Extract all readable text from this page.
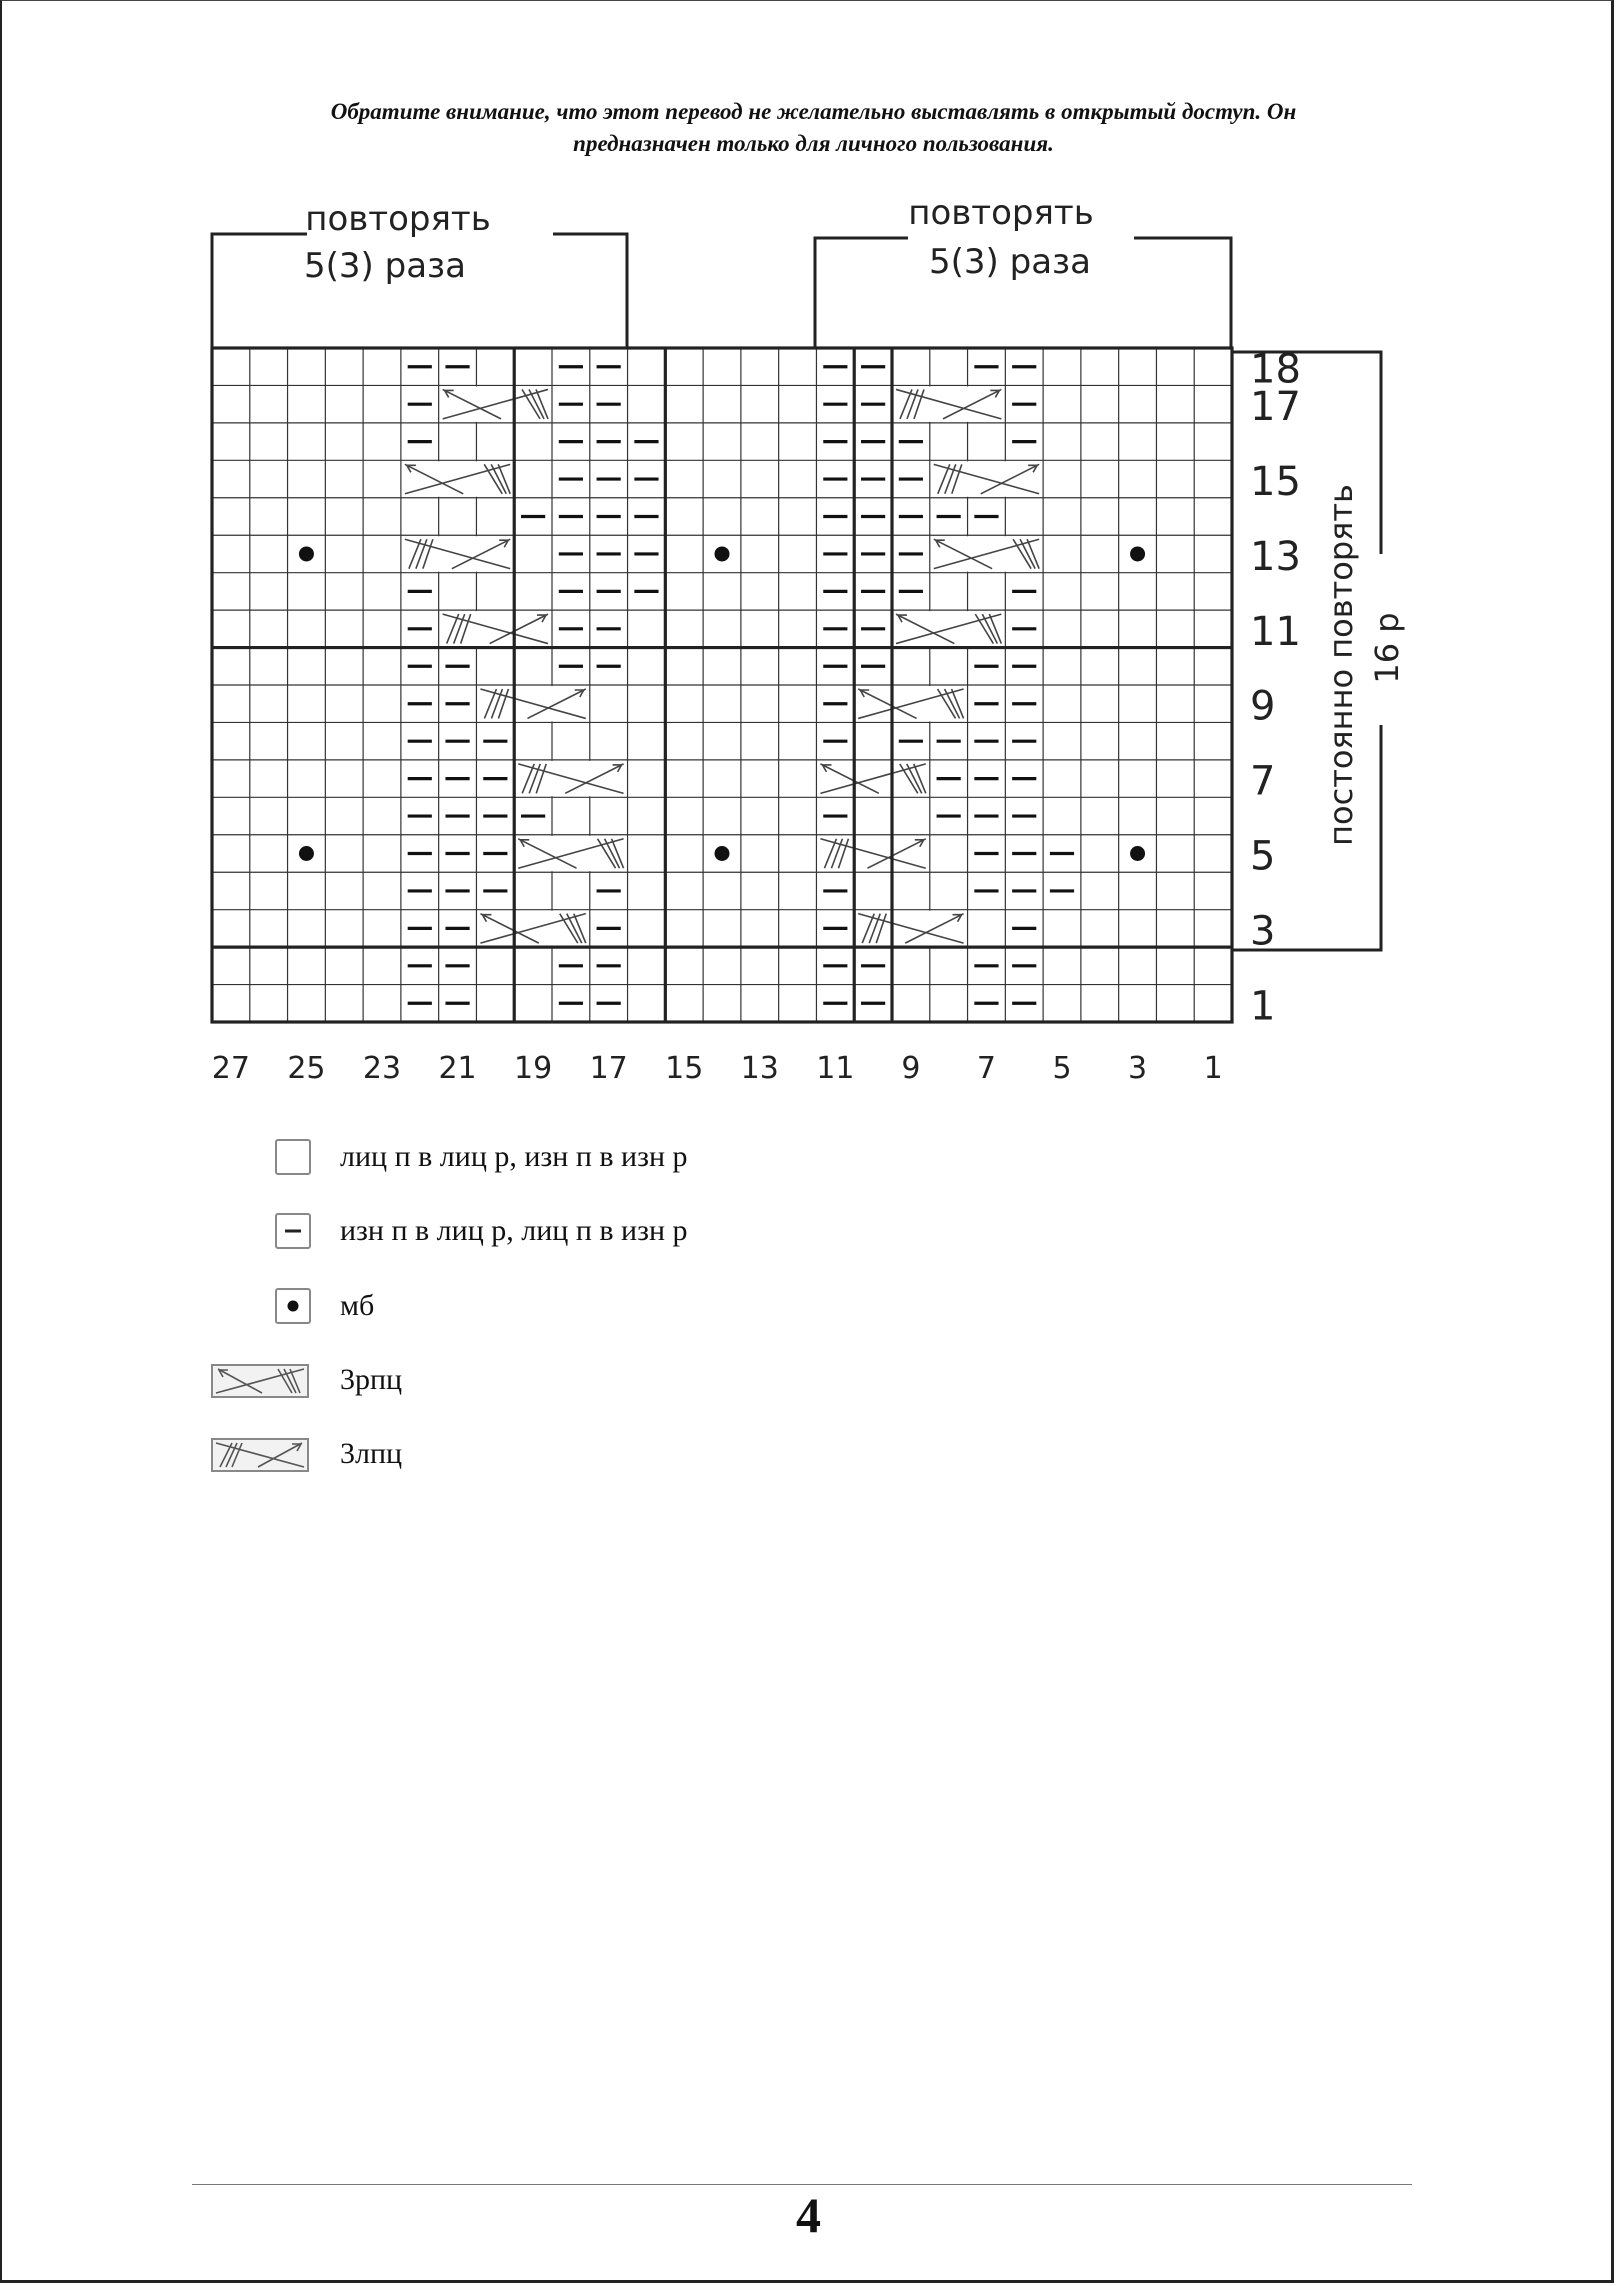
Обратите внимание, что этот перевод не желательно выставлять в открытый доступ. Он
предназначен только для личного пользования.
повторять
5(3) раза
повторять
5(3) раза
постоянно повторять 16 р
1
3
5
7
9
11
13
15
17
18
27 25 23 21 19 17 15 13 11 9 7 5 3 1
лиц п в лиц р, изн п в изн р
изн п в лиц р, лиц п в изн р
мб
3рпц
3лпц
4
